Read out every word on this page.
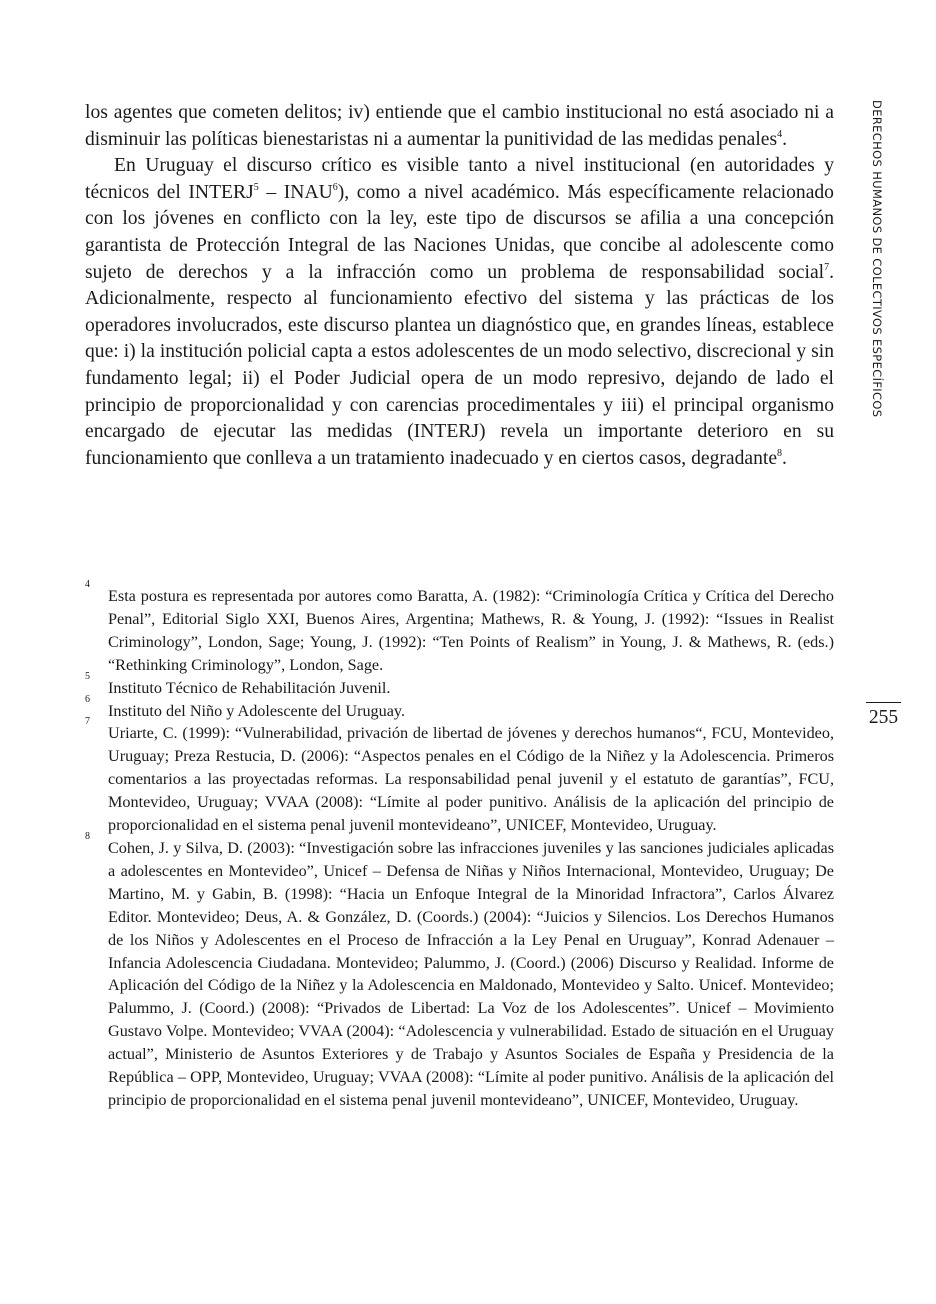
los agentes que cometen delitos; iv) entiende que el cambio institucional no está asociado ni a disminuir las políticas bienestaristas ni a aumentar la punitividad de las medidas penales$^4$.

En Uruguay el discurso crítico es visible tanto a nivel institucional (en autoridades y técnicos del INTERJ$^5$ – INAU$^6$), como a nivel académico. Más específicamente relacionado con los jóvenes en conflicto con la ley, este tipo de discursos se afilia a una concepción garantista de Protección Integral de las Naciones Unidas, que concibe al adolescente como sujeto de derechos y a la infracción como un problema de responsabilidad social$^7$. Adicionalmente, respecto al funcionamiento efectivo del sistema y las prácticas de los operadores involucrados, este discurso plantea un diagnóstico que, en grandes líneas, establece que: i) la institución policial capta a estos adolescentes de un modo selectivo, discrecional y sin fundamento legal; ii) el Poder Judicial opera de un modo represivo, dejando de lado el principio de proporcionalidad y con carencias procedimentales y iii) el principal organismo encargado de ejecutar las medidas (INTERJ) revela un importante deterioro en su funcionamiento que conlleva a un tratamiento inadecuado y en ciertos casos, degradante$^8$.

DERECHOS HUMANOS DE COLECTIVOS ESPECÍFICOS
255
4
Esta postura es representada por autores como Baratta, A. (1982): “Criminología Crítica y Crítica del Derecho Penal”, Editorial Siglo XXI, Buenos Aires, Argentina; Mathews, R. & Young, J. (1992): “Issues in Realist Criminology”, London, Sage; Young, J. (1992): “Ten Points of Realism” in Young, J. & Mathews, R. (eds.) “Rethinking Criminology”, London, Sage.
5
Instituto Técnico de Rehabilitación Juvenil.
6
Instituto del Niño y Adolescente del Uruguay.
7
Uriarte, C. (1999): “Vulnerabilidad, privación de libertad de jóvenes y derechos humanos“, FCU, Montevideo, Uruguay; Preza Restucia, D. (2006): “Aspectos penales en el Código de la Niñez y la Adolescencia. Primeros comentarios a las proyectadas reformas. La responsabilidad penal juvenil y el estatuto de garantías”, FCU, Montevideo, Uruguay; VVAA (2008): “Límite al poder punitivo. Análisis de la aplicación del principio de proporcionalidad en el sistema penal juvenil montevideano”, UNICEF, Montevideo, Uruguay.
8
Cohen, J. y Silva, D. (2003): “Investigación sobre las infracciones juveniles y las sanciones judiciales aplicadas a adolescentes en Montevideo”, Unicef – Defensa de Niñas y Niños Internacional, Montevideo, Uruguay; De Martino, M. y Gabin, B. (1998): “Hacia un Enfoque Integral de la Minoridad Infractora”, Carlos Álvarez Editor. Montevideo; Deus, A. & González, D. (Coords.) (2004): “Juicios y Silencios. Los Derechos Humanos de los Niños y Adolescentes en el Proceso de Infracción a la Ley Penal en Uruguay”, Konrad Adenauer – Infancia Adolescencia Ciudadana. Montevideo; Palummo, J. (Coord.) (2006) Discurso y Realidad. Informe de Aplicación del Código de la Niñez y la Adolescencia en Maldonado, Montevideo y Salto. Unicef. Montevideo; Palummo, J. (Coord.) (2008): “Privados de Libertad: La Voz de los Adolescentes”. Unicef – Movimiento Gustavo Volpe. Montevideo; VVAA (2004): “Adolescencia y vulnerabilidad. Estado de situación en el Uruguay actual”, Ministerio de Asuntos Exteriores y de Trabajo y Asuntos Sociales de España y Presidencia de la República – OPP, Montevideo, Uruguay; VVAA (2008): “Límite al poder punitivo. Análisis de la aplicación del principio de proporcionalidad en el sistema penal juvenil montevideano”, UNICEF, Montevideo, Uruguay.
